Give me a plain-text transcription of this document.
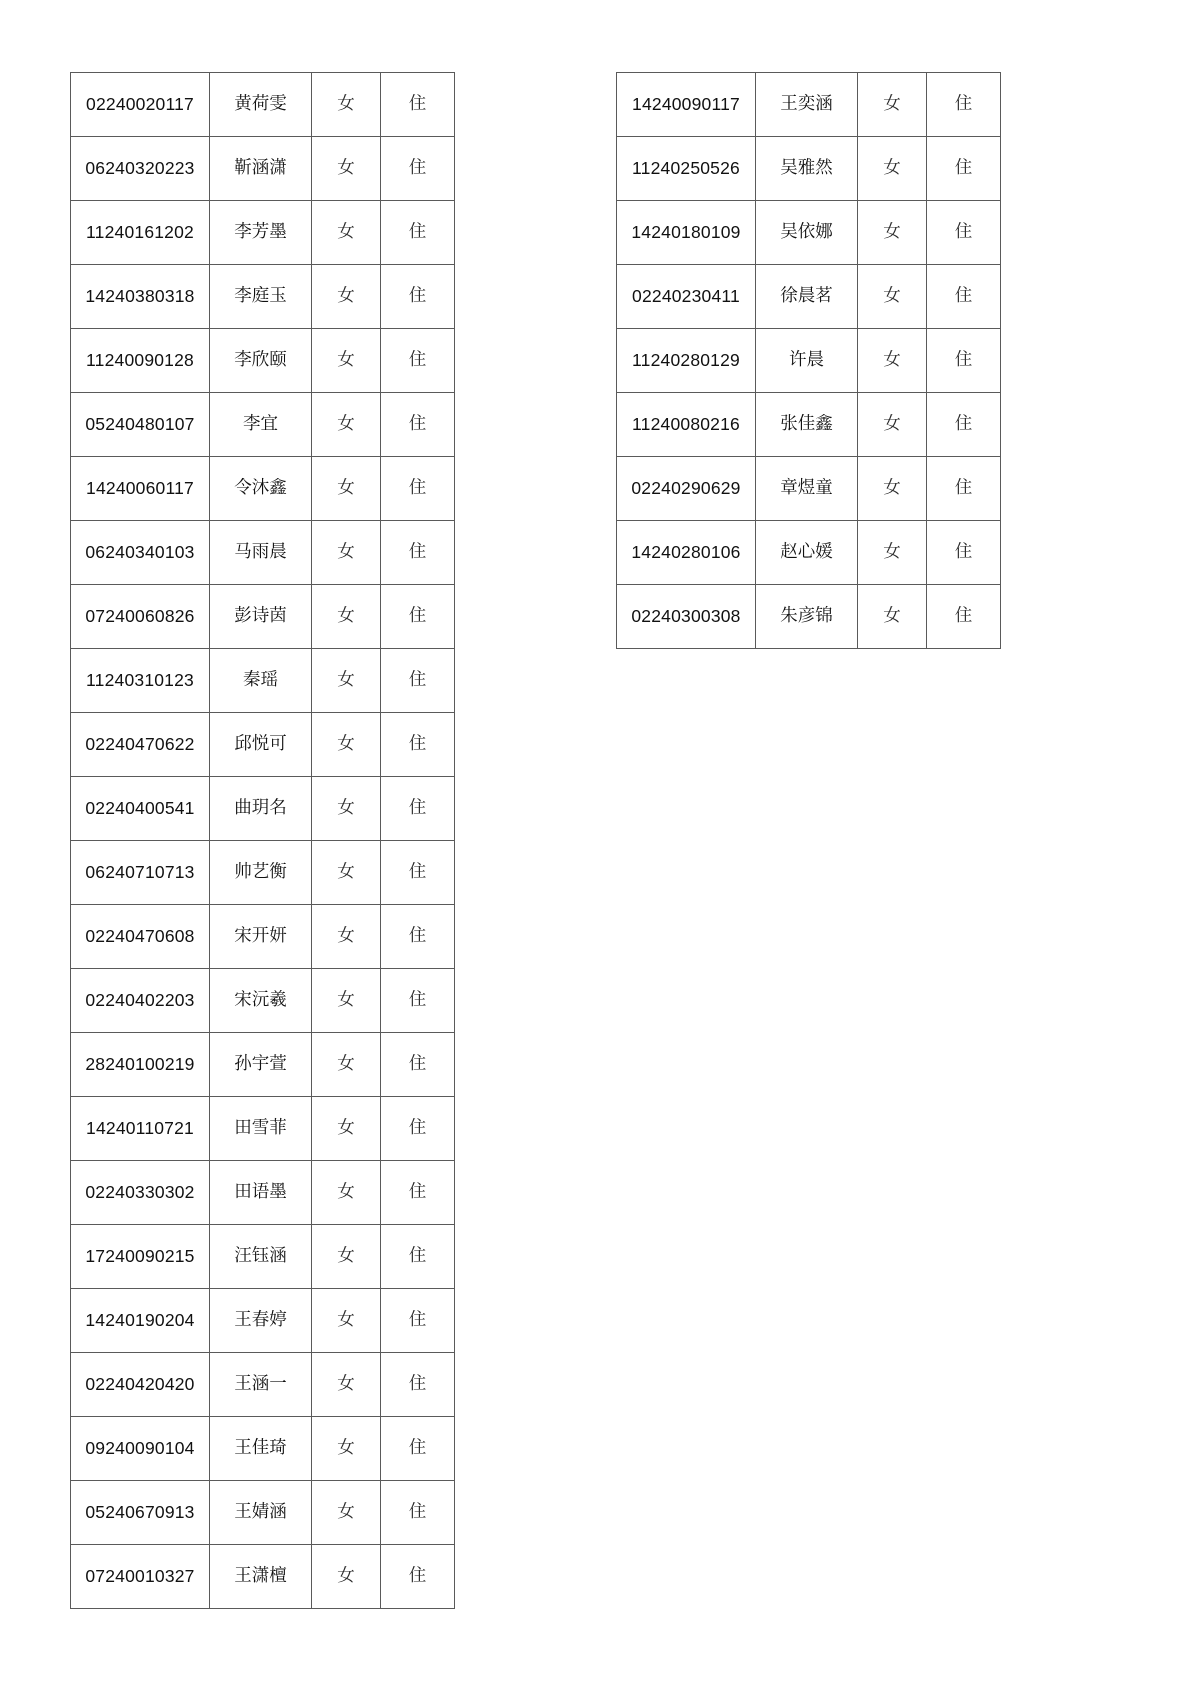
02240020117	黄荷雯	女	住
06240320223	靳涵潇	女	住
11240161202	李芳墨	女	住
14240380318	李庭玉	女	住
11240090128	李欣颐	女	住
05240480107	李宜	女	住
14240060117	令沐鑫	女	住
06240340103	马雨晨	女	住
07240060826	彭诗茵	女	住
11240310123	秦瑶	女	住
02240470622	邱悦可	女	住
02240400541	曲玥名	女	住
06240710713	帅艺衡	女	住
02240470608	宋开妍	女	住
02240402203	宋沅羲	女	住
28240100219	孙宇萱	女	住
14240110721	田雪菲	女	住
02240330302	田语墨	女	住
17240090215	汪钰涵	女	住
14240190204	王春婷	女	住
02240420420	王涵一	女	住
09240090104	王佳琦	女	住
05240670913	王婧涵	女	住
07240010327	王潇檀	女	住
14240090117	王奕涵	女	住
11240250526	吴雅然	女	住
14240180109	吴依娜	女	住
02240230411	徐晨茗	女	住
11240280129	许晨	女	住
11240080216	张佳鑫	女	住
02240290629	章煜童	女	住
14240280106	赵心媛	女	住
02240300308	朱彦锦	女	住
